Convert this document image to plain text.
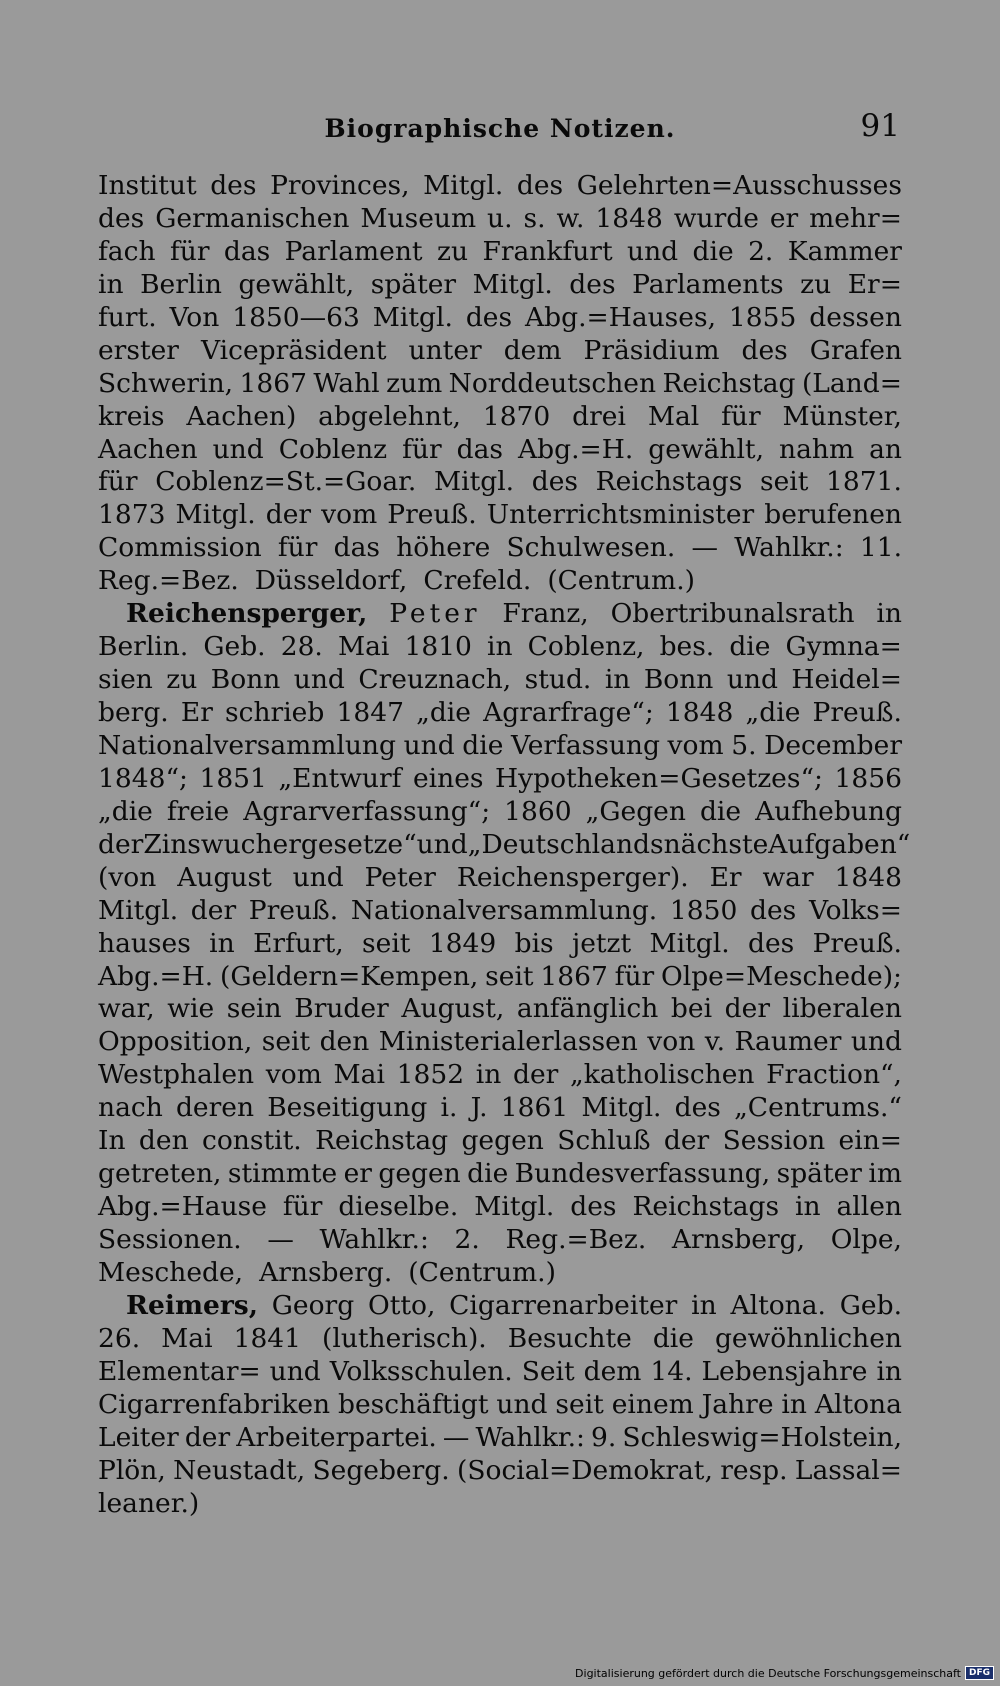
Biographische Notizen.	91
Institut des Provinces, Mitgl. des Gelehrten=Ausschusses
des Germanischen Museum u. s. w. 1848 wurde er mehr=
fach für das Parlament zu Frankfurt und die 2. Kammer
in Berlin gewählt, später Mitgl. des Parlaments zu Er=
furt. Von 1850—63 Mitgl. des Abg.=Hauses, 1855 dessen
erster Vicepräsident unter dem Präsidium des Grafen
Schwerin, 1867 Wahl zum Norddeutschen Reichstag (Land=
kreis Aachen) abgelehnt, 1870 drei Mal für Münster,
Aachen und Coblenz für das Abg.=H. gewählt, nahm an
für Coblenz=St.=Goar. Mitgl. des Reichstags seit 1871.
1873 Mitgl. der vom Preuß. Unterrichtsminister berufenen
Commission für das höhere Schulwesen. — Wahlkr.: 11.
Reg.=Bez. Düsseldorf, Crefeld. (Centrum.)
Reichensperger, Peter Franz, Obertribunalsrath in
Berlin. Geb. 28. Mai 1810 in Coblenz, bes. die Gymna=
sien zu Bonn und Creuznach, stud. in Bonn und Heidel=
berg. Er schrieb 1847 „die Agrarfrage“; 1848 „die Preuß.
Nationalversammlung und die Verfassung vom 5. December
1848“; 1851 „Entwurf eines Hypotheken=Gesetzes“; 1856
„die freie Agrarverfassung“; 1860 „Gegen die Aufhebung
der Zinswuchergesetze“ und „Deutschlands nächste Aufgaben“
(von August und Peter Reichensperger). Er war 1848
Mitgl. der Preuß. Nationalversammlung. 1850 des Volks=
hauses in Erfurt, seit 1849 bis jetzt Mitgl. des Preuß.
Abg.=H. (Geldern=Kempen, seit 1867 für Olpe=Meschede);
war, wie sein Bruder August, anfänglich bei der liberalen
Opposition, seit den Ministerialerlassen von v. Raumer und
Westphalen vom Mai 1852 in der „katholischen Fraction“,
nach deren Beseitigung i. J. 1861 Mitgl. des „Centrums.“
In den constit. Reichstag gegen Schluß der Session ein=
getreten, stimmte er gegen die Bundesverfassung, später im
Abg.=Hause für dieselbe. Mitgl. des Reichstags in allen
Sessionen. — Wahlkr.: 2. Reg.=Bez. Arnsberg, Olpe,
Meschede, Arnsberg. (Centrum.)
Reimers, Georg Otto, Cigarrenarbeiter in Altona. Geb.
26. Mai 1841 (lutherisch). Besuchte die gewöhnlichen
Elementar= und Volksschulen. Seit dem 14. Lebensjahre in
Cigarrenfabriken beschäftigt und seit einem Jahre in Altona
Leiter der Arbeiterpartei. — Wahlkr.: 9. Schleswig=Holstein,
Plön, Neustadt, Segeberg. (Social=Demokrat, resp. Lassal=
leaner.)
Digitalisierung gefördert durch die Deutsche Forschungsgemeinschaft DFG
